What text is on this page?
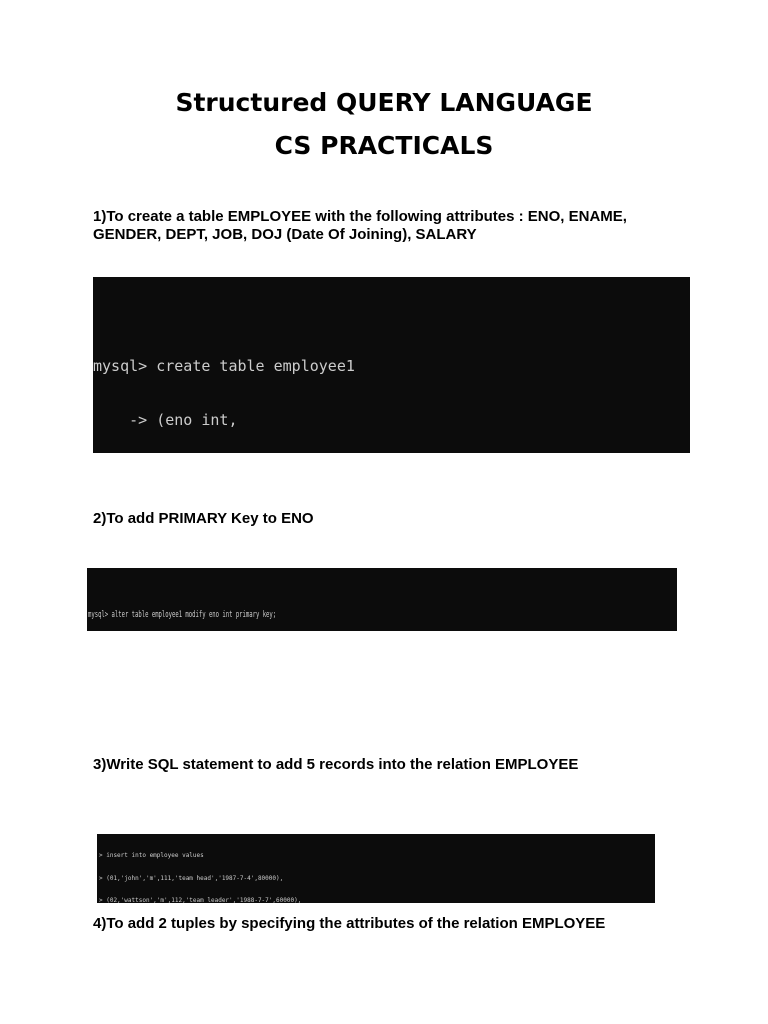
Structured QUERY LANGUAGE
CS PRACTICALS

1)To create a table EMPLOYEE with the following attributes : ENO, ENAME, GENDER, DEPT, JOB, DOJ (Date Of Joining), SALARY

mysql> create table employee1

-> (eno int,

2)To add PRIMARY Key to ENO

mysql> alter table employee1 modify eno int primary key;

3)Write SQL statement to add 5 records into the relation EMPLOYEE

> insert into employee values

> (01,'john','m',111,'team head','1987-7-4',80000),

> (02,'wattson','m',112,'team leader','1988-7-7',60000),

4)To add 2 tuples by specifying the attributes of the relation EMPLOYEE
